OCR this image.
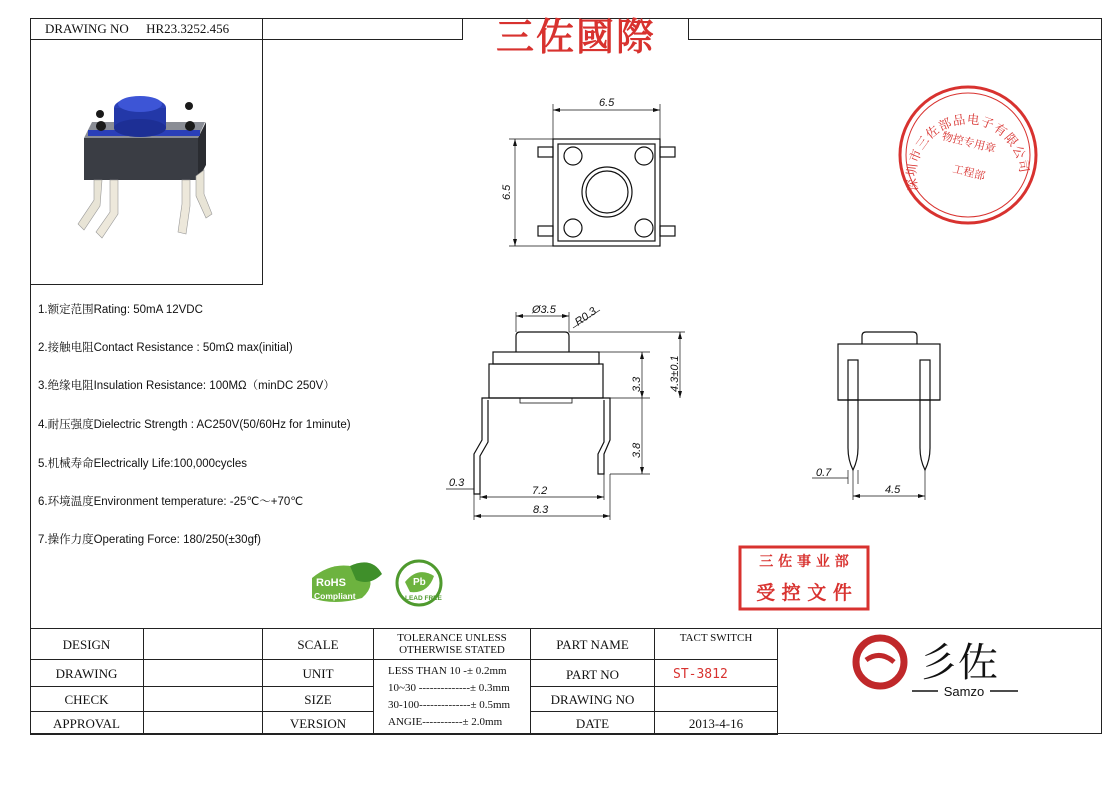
DRAWING NO HR23.3252.456	三佐國際
1.额定范围Rating: 50mA 12VDC
2.接触电阻Contact Resistance : 50mΩ max(initial)
3.绝缘电阻Insulation Resistance: 100MΩ（minDC 250V）
4.耐压强度Dielectric Strength : AC250V(50/60Hz for 1minute)
5.机械寿命Electrically Life:100,000cycles
6.环境温度Environment temperature: -25℃～+70℃
7.操作力度Operating Force: 180/250(±30gf)
6.5
6.5
Ø3.5 R0.3
3.3 4.3±0.1
3.8
0.3
7.2
8.3
0.7
4.5
深圳市三佐部品电子有限公司
物控专用章
工程部
三 佐 事 业 部
受 控 文 件
RoHS
Compliant
Pb
LEAD FREE
彡佐
Samzo
DESIGN
DRAWING
CHECK
APPROVAL
SCALE
UNIT
SIZE
VERSION
TOLERANCE UNLESS
OTHERWISE STATED
LESS THAN 10 -± 0.2mm
10~30 --------------± 0.3mm
30-100--------------± 0.5mm
ANGIE-----------± 2.0mm
PART NAME
PART NO
DRAWING NO
DATE
TACT SWITCH
ST-3812
2013-4-16
